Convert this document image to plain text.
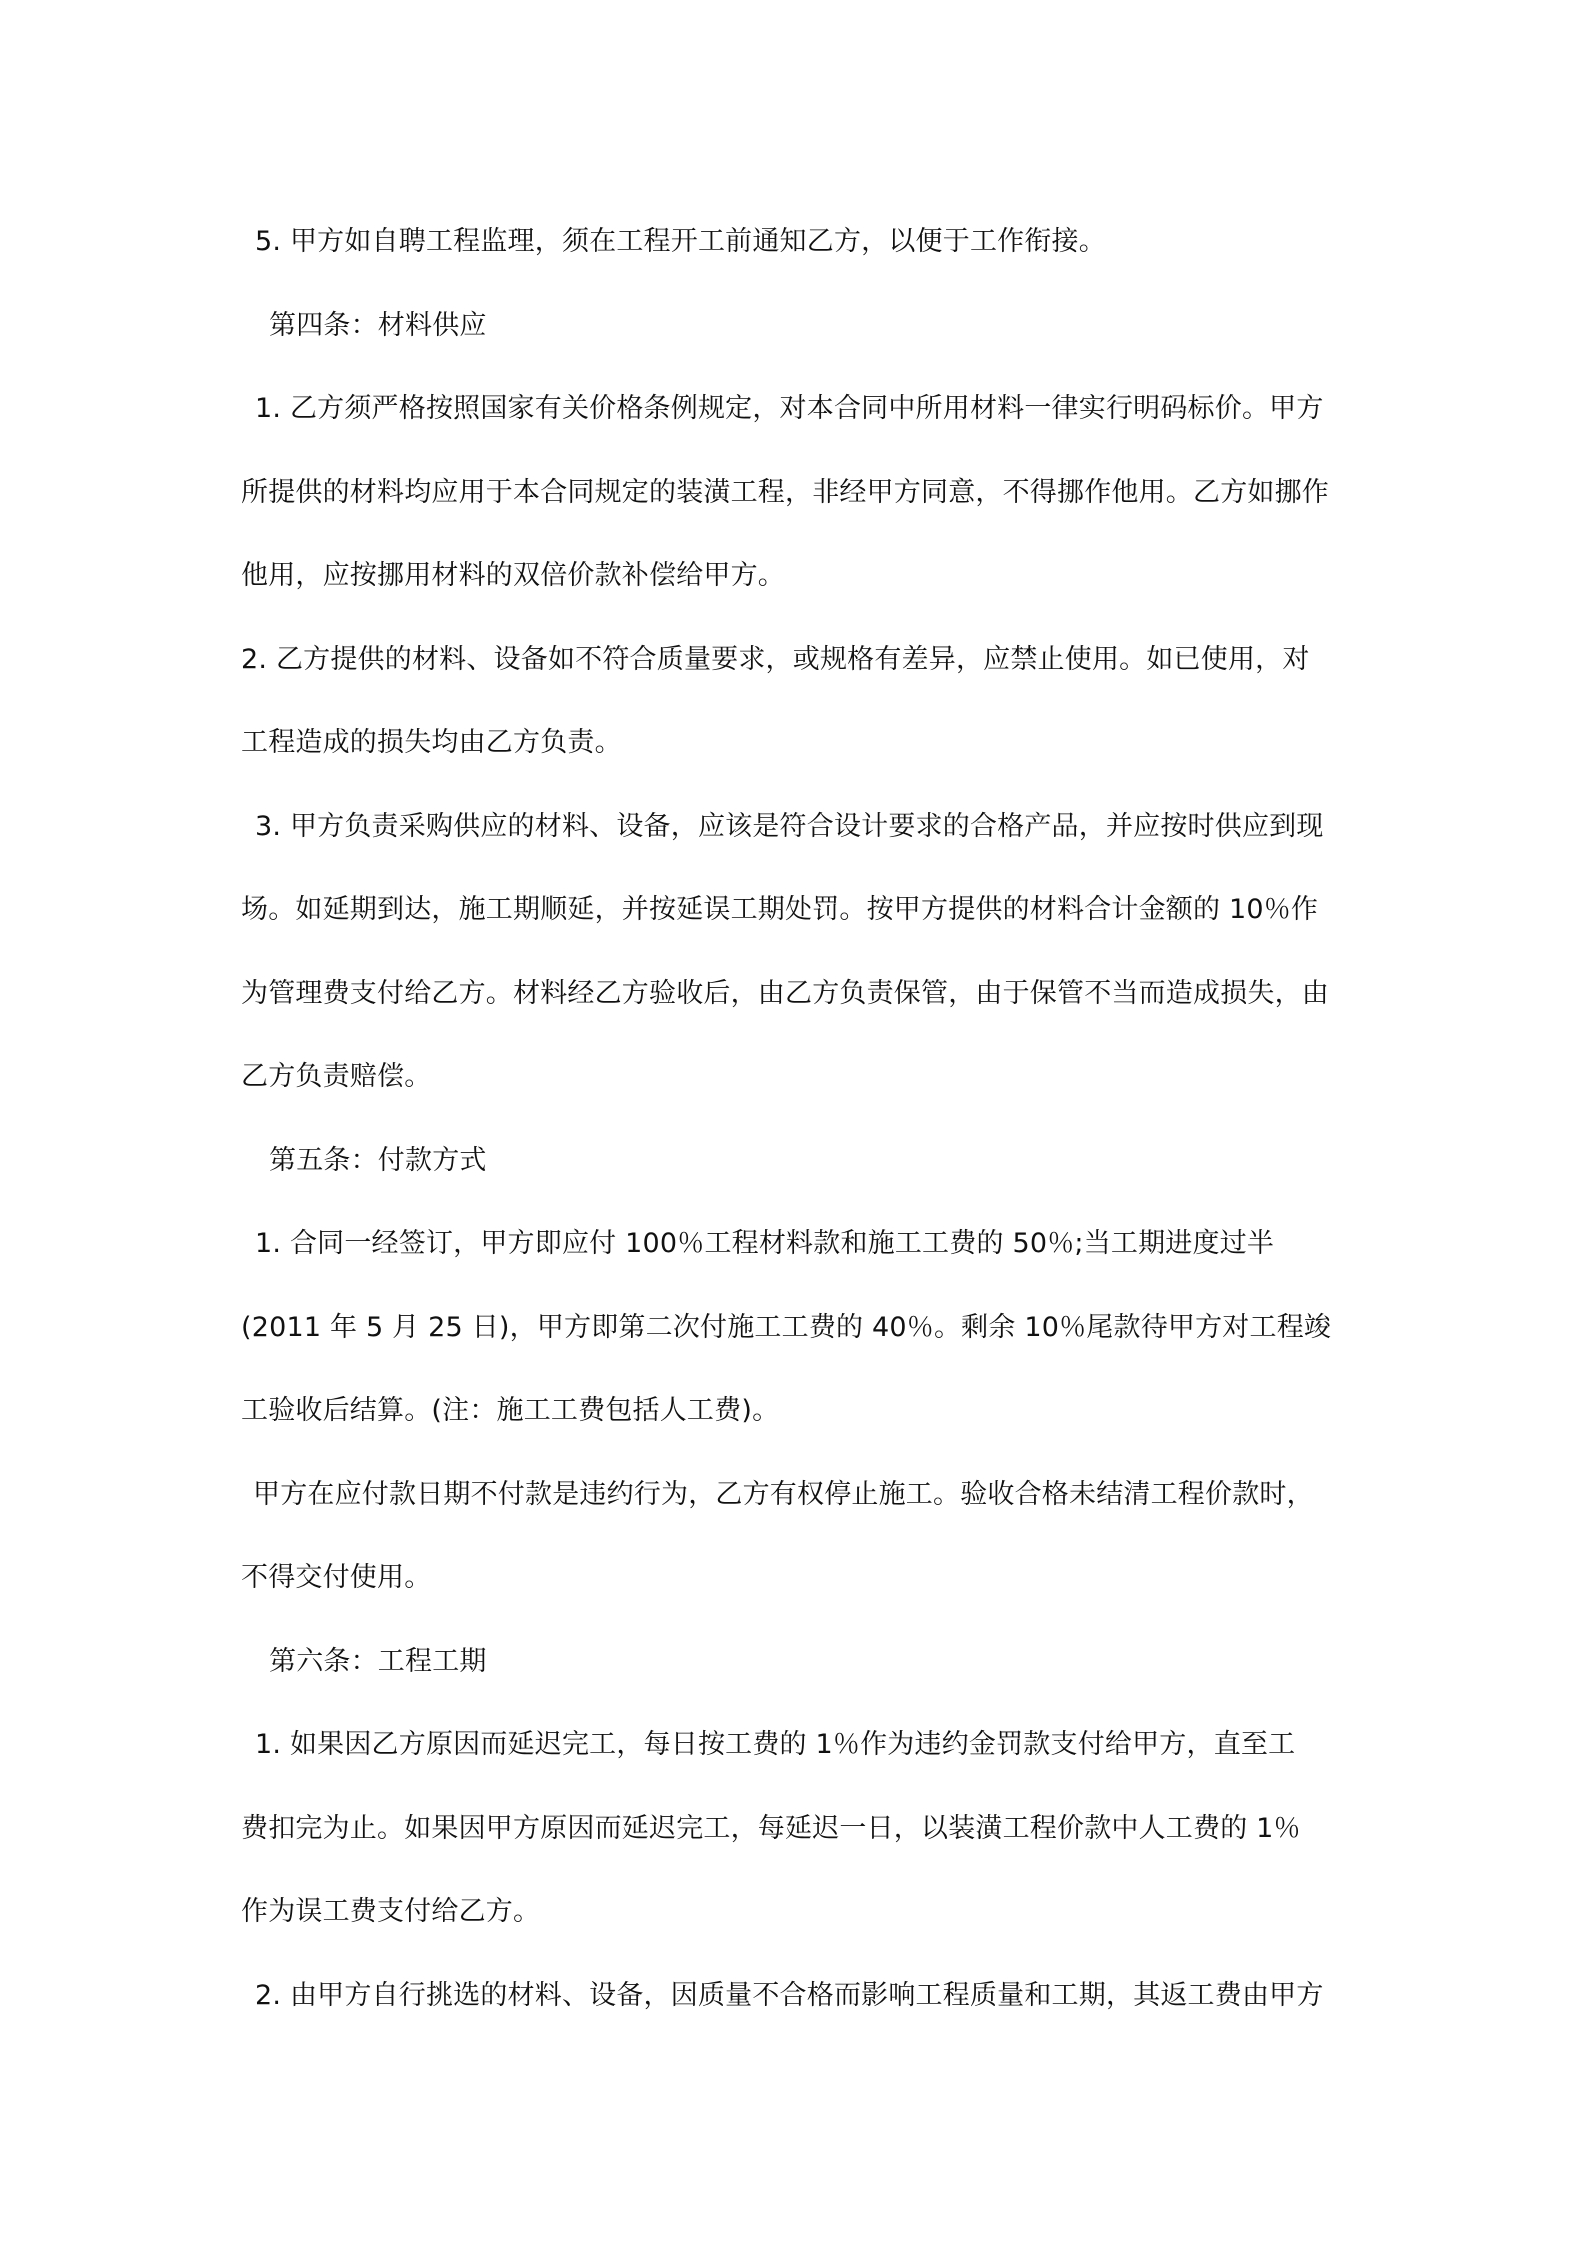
5. 甲方如自聘工程监理，须在工程开工前通知乙方，以便于工作衔接。
第四条：材料供应
1. 乙方须严格按照国家有关价格条例规定，对本合同中所用材料一律实行明码标价。甲方
所提供的材料均应用于本合同规定的装潢工程，非经甲方同意，不得挪作他用。乙方如挪作
他用，应按挪用材料的双倍价款补偿给甲方。
2. 乙方提供的材料、设备如不符合质量要求，或规格有差异，应禁止使用。如已使用，对
工程造成的损失均由乙方负责。
3. 甲方负责采购供应的材料、设备，应该是符合设计要求的合格产品，并应按时供应到现
场。如延期到达，施工期顺延，并按延误工期处罚。按甲方提供的材料合计金额的 10％作
为管理费支付给乙方。材料经乙方验收后，由乙方负责保管，由于保管不当而造成损失，由
乙方负责赔偿。
第五条：付款方式
1. 合同一经签订，甲方即应付 100％工程材料款和施工工费的 50％;当工期进度过半
(2011 年 5 月 25 日)，甲方即第二次付施工工费的 40％。剩余 10％尾款待甲方对工程竣
工验收后结算。(注：施工工费包括人工费)。
甲方在应付款日期不付款是违约行为，乙方有权停止施工。验收合格未结清工程价款时，
不得交付使用。
第六条：工程工期
1. 如果因乙方原因而延迟完工，每日按工费的 1％作为违约金罚款支付给甲方，直至工
费扣完为止。如果因甲方原因而延迟完工，每延迟一日，以装潢工程价款中人工费的 1％
作为误工费支付给乙方。
2. 由甲方自行挑选的材料、设备，因质量不合格而影响工程质量和工期，其返工费由甲方
